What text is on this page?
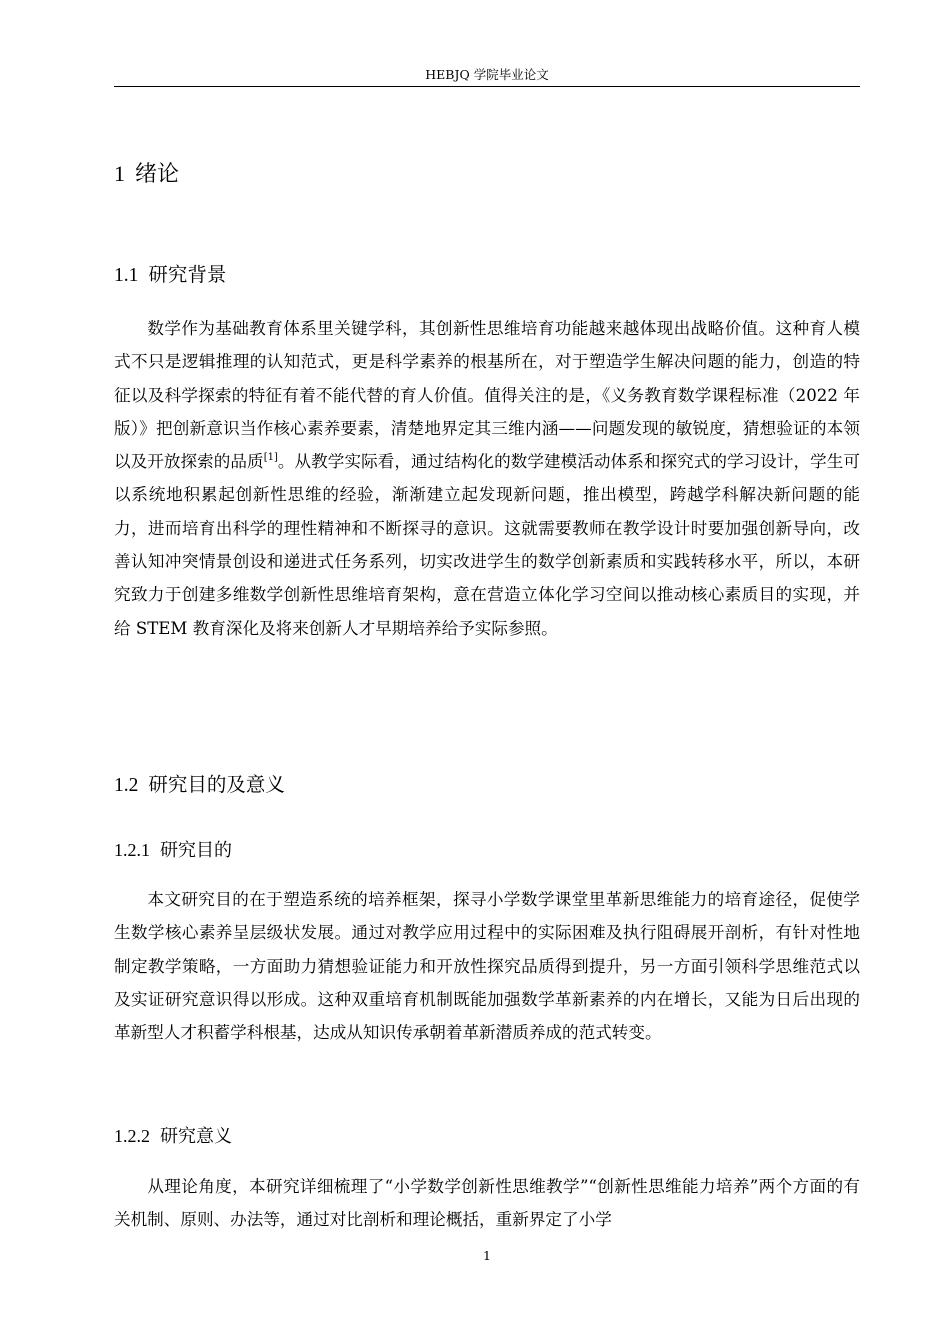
HEBJQ 学院毕业论文
1 绪论
1.1 研究背景

数学作为基础教育体系里关键学科，其创新性思维培育功能越来越体现出战略价值。这种育人模式不只是逻辑推理的认知范式，更是科学素养的根基所在，对于塑造学生解决问题的能力，创造的特征以及科学探索的特征有着不能代替的育人价值。值得关注的是，《义务教育数学课程标准（2022 年版）》把创新意识当作核心素养要素，清楚地界定其三维内涵——问题发现的敏锐度，猜想验证的本领以及开放探索的品质[1]。从教学实际看，通过结构化的数学建模活动体系和探究式的学习设计，学生可以系统地积累起创新性思维的经验，渐渐建立起发现新问题，推出模型，跨越学科解决新问题的能力，进而培育出科学的理性精神和不断探寻的意识。这就需要教师在教学设计时要加强创新导向，改善认知冲突情景创设和递进式任务系列，切实改进学生的数学创新素质和实践转移水平，所以，本研究致力于创建多维数学创新性思维培育架构，意在营造立体化学习空间以推动核心素质目的实现，并给 STEM 教育深化及将来创新人才早期培养给予实际参照。

1.2 研究目的及意义
1.2.1 研究目的

本文研究目的在于塑造系统的培养框架，探寻小学数学课堂里革新思维能力的培育途径，促使学生数学核心素养呈层级状发展。通过对教学应用过程中的实际困难及执行阻碍展开剖析，有针对性地制定教学策略，一方面助力猜想验证能力和开放性探究品质得到提升，另一方面引领科学思维范式以及实证研究意识得以形成。这种双重培育机制既能加强数学革新素养的内在增长，又能为日后出现的革新型人才积蓄学科根基，达成从知识传承朝着革新潜质养成的范式转变。

1.2.2 研究意义

从理论角度，本研究详细梳理了“小学数学创新性思维教学”“创新性思维能力培养”两个方面的有关机制、原则、办法等，通过对比剖析和理论概括，重新界定了小学

1
